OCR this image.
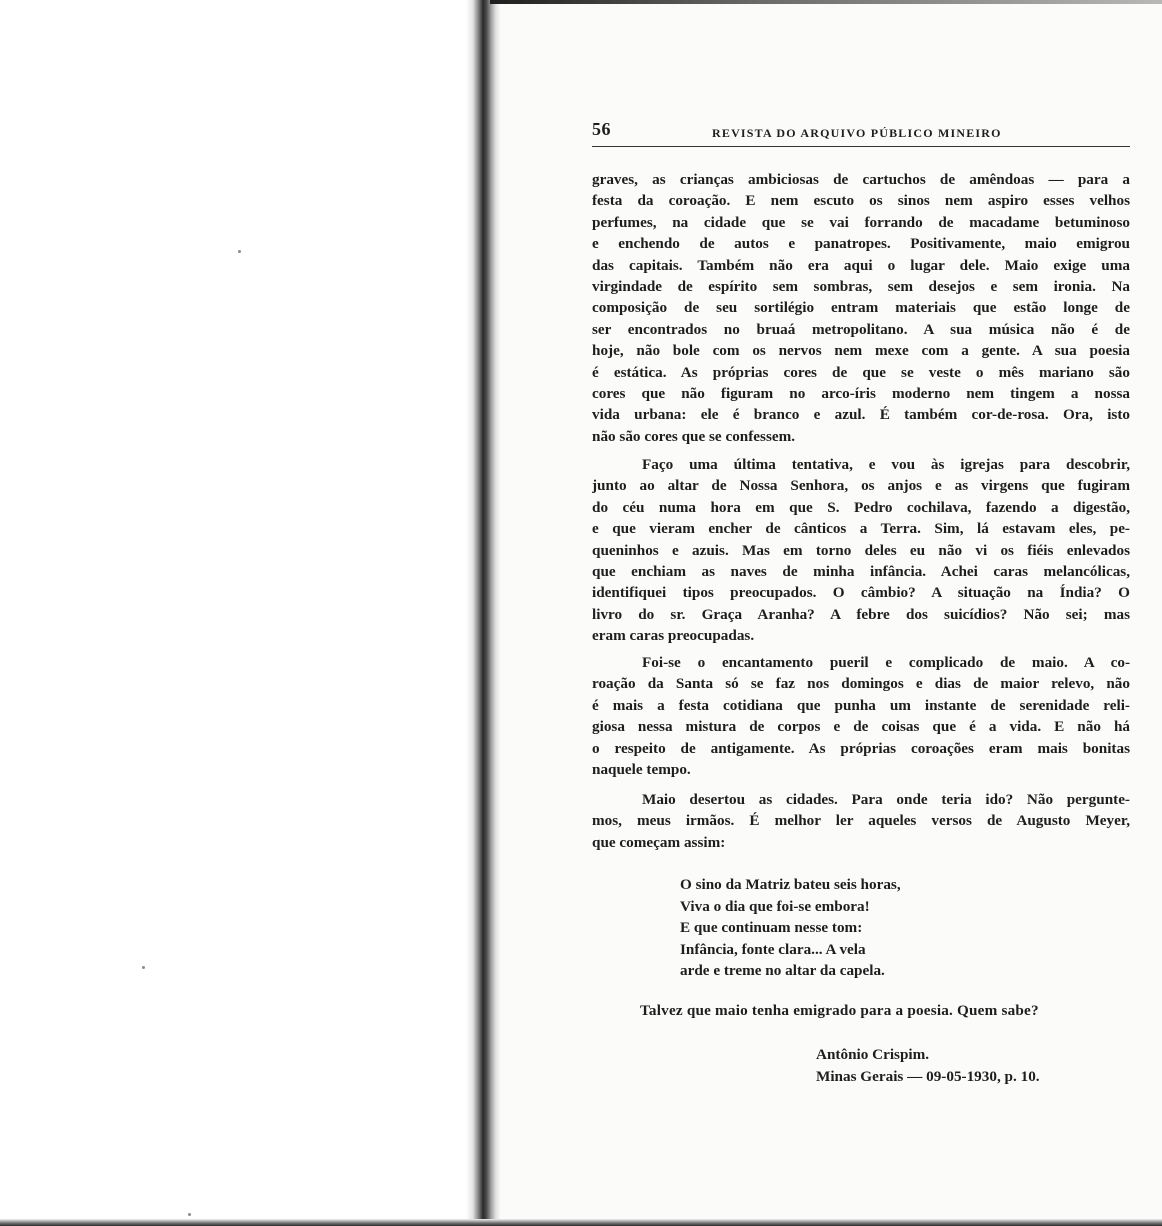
56	REVISTA DO ARQUIVO PÚBLICO MINEIRO
graves, as crianças ambiciosas de cartuchos de amêndoas — para a
festa da coroação. E nem escuto os sinos nem aspiro esses velhos
perfumes, na cidade que se vai forrando de macadame betuminoso
e enchendo de autos e panatropes. Positivamente, maio emigrou
das capitais. Também não era aqui o lugar dele. Maio exige uma
virgindade de espírito sem sombras, sem desejos e sem ironia. Na
composição de seu sortilégio entram materiais que estão longe de
ser encontrados no bruaá metropolitano. A sua música não é de
hoje, não bole com os nervos nem mexe com a gente. A sua poesia
é estática. As próprias cores de que se veste o mês mariano são
cores que não figuram no arco-íris moderno nem tingem a nossa
vida urbana: ele é branco e azul. É também cor-de-rosa. Ora, isto
não são cores que se confessem.
Faço uma última tentativa, e vou às igrejas para descobrir,
junto ao altar de Nossa Senhora, os anjos e as virgens que fugiram
do céu numa hora em que S. Pedro cochilava, fazendo a digestão,
e que vieram encher de cânticos a Terra. Sim, lá estavam eles, pe-
queninhos e azuis. Mas em torno deles eu não vi os fiéis enlevados
que enchiam as naves de minha infância. Achei caras melancólicas,
identifiquei tipos preocupados. O câmbio? A situação na Índia? O
livro do sr. Graça Aranha? A febre dos suicídios? Não sei; mas
eram caras preocupadas.
Foi-se o encantamento pueril e complicado de maio. A co-
roação da Santa só se faz nos domingos e dias de maior relevo, não
é mais a festa cotidiana que punha um instante de serenidade reli-
giosa nessa mistura de corpos e de coisas que é a vida. E não há
o respeito de antigamente. As próprias coroações eram mais bonitas
naquele tempo.
Maio desertou as cidades. Para onde teria ido? Não pergunte-
mos, meus irmãos. É melhor ler aqueles versos de Augusto Meyer,
que começam assim:
O sino da Matriz bateu seis horas,
Viva o dia que foi-se embora!
E que continuam nesse tom:
Infância, fonte clara... A vela
arde e treme no altar da capela.
Talvez que maio tenha emigrado para a poesia. Quem sabe?
Antônio Crispim.
Minas Gerais — 09-05-1930, p. 10.
